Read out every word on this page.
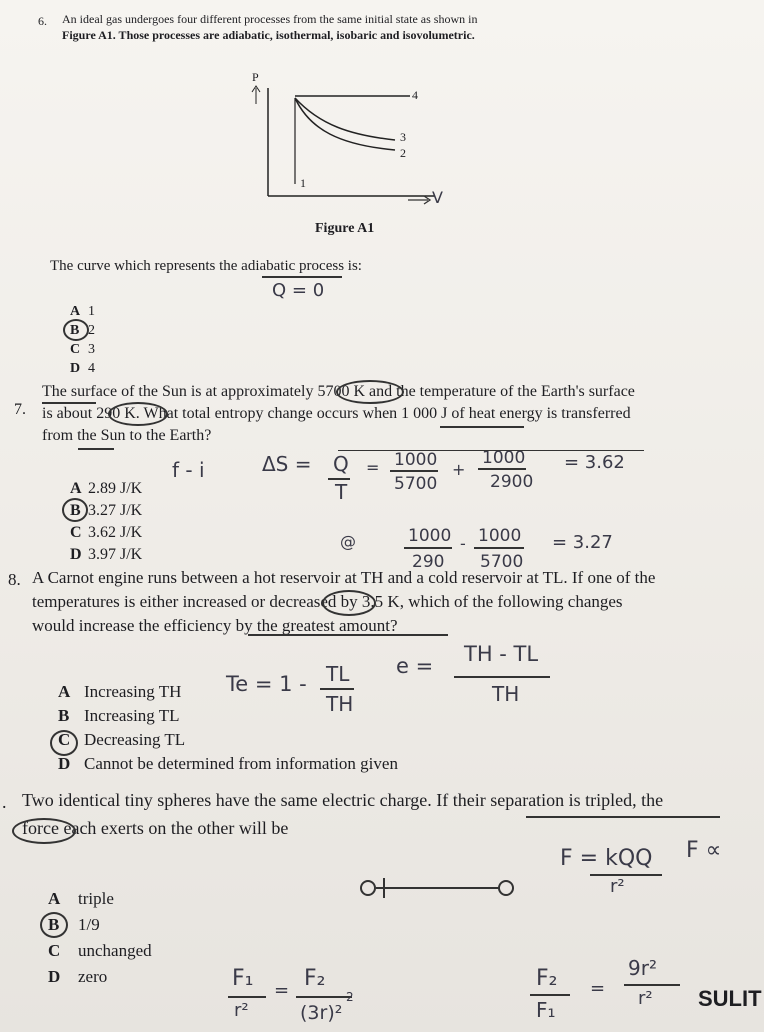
6. An ideal gas undergoes four different processes from the same initial state as shown in
Figure A1. Those processes are adiabatic, isothermal, isobaric and isovolumetric.
P
V
1
2
3
4
Figure A1
The curve which represents the adiabatic process is:
Q = 0
A 1
B 2
C 3
D 4
7.
The surface of the Sun is at approximately 5700 K and the temperature of the Earth's surface
is about 290 K. What total entropy change occurs when 1 000 J of heat energy is transferred
from the Sun to the Earth?
f - i	ΔS = Q
T
= 1000
5700
+
1000
2900
= 3.62
A 2.89 J/K
B 3.27 J/K
C 3.62 J/K
D 3.97 J/K
@	1000
290
- 1000
5700
= 3.27
8. A Carnot engine runs between a hot reservoir at TH and a cold reservoir at TL. If one of the
temperatures is either increased or decreased by 3.5 K, which of the following changes
would increase the efficiency by the greatest amount?
Te = 1 - TL
TH
e = TH - TL
TH
A Increasing TH
B Increasing TL
C Decreasing TL
D Cannot be determined from information given
. Two identical tiny spheres have the same electric charge. If their separation is tripled, the
force each exerts on the other will be
F = kQQ
r²
F ∝
A triple
B 1/9
C unchanged
D zero	F₁
r²
= F₂
(3r)²
2
F₂
F₁
=
9r²
r² SULIT
